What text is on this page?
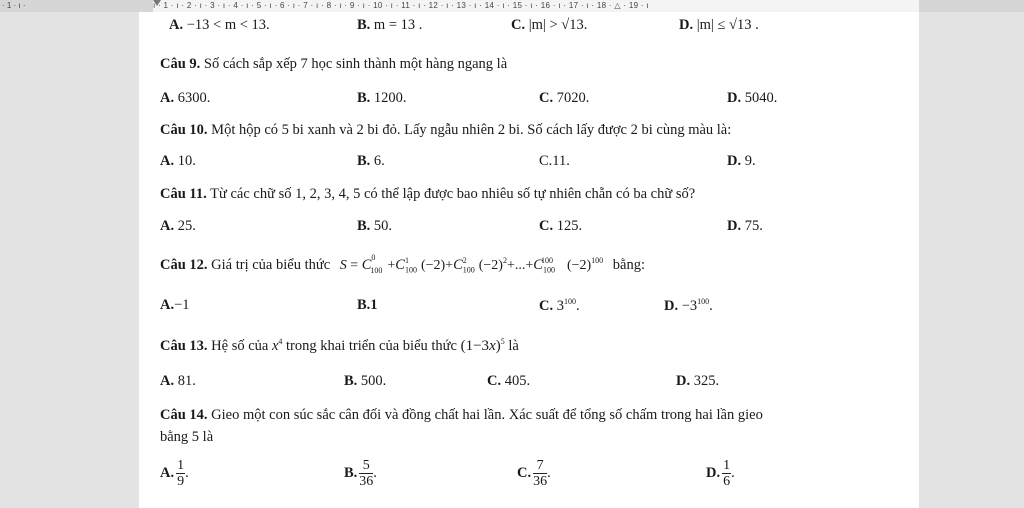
· 1 · ı ·	ı · 1 · ı · 2 · ı · 3 · ı · 4 · ı · 5 · ı · 6 · ı · 7 · ı · 8 · ı · 9 · ı · 10 · ı · 11 · ı · 12 · ı · 13 · ı · 14 · ı · 15 · ı · 16 · ı · 17 · ı · 18 · △ · 19 · ı
A. −13 < m < 13.	B. m = 13 .	C. |m| > √13.	D. |m| ≤ √13 .
Câu 9. Số cách sắp xếp 7 học sinh thành một hàng ngang là
A. 6300.	B. 1200.	C. 7020.	D. 5040.
Câu 10. Một hộp có 5 bi xanh và 2 bi đỏ. Lấy ngẫu nhiên 2 bi. Số cách lấy được 2 bi cùng màu là:
A. 10.	B. 6.	C.11.	D. 9.
Câu 11. Từ các chữ số 1, 2, 3, 4, 5 có thể lập được bao nhiêu số tự nhiên chẵn có ba chữ số?
A. 25.	B. 50.	C. 125.	D. 75.
Câu 12. Giá trị của biểu thức $S = C_{100}^0+C_{100}^1$ $(-2)+C_{100}^2$ $(-2)^2+...+C_{100}^{100}$ $(-2)^{100}$ bằng:
A.−1	B.1	C. $3^{100}$.	D. $-3^{100}$.
Câu 13. Hệ số của $x^4$ trong khai triển của biểu thức $(1-3x)^5$ là
A. 81.	B. 500.	C. 405.	D. 325.
Câu 14. Gieo một con súc sắc cân đối và đồng chất hai lần. Xác suất để tổng số chấm trong hai lần gieo
bằng 5 là
A. $\frac{1}{9}$ .	B. $\frac{5}{36}$ .	C. $\frac{7}{36}$ .	D. $\frac{1}{6}$ .
